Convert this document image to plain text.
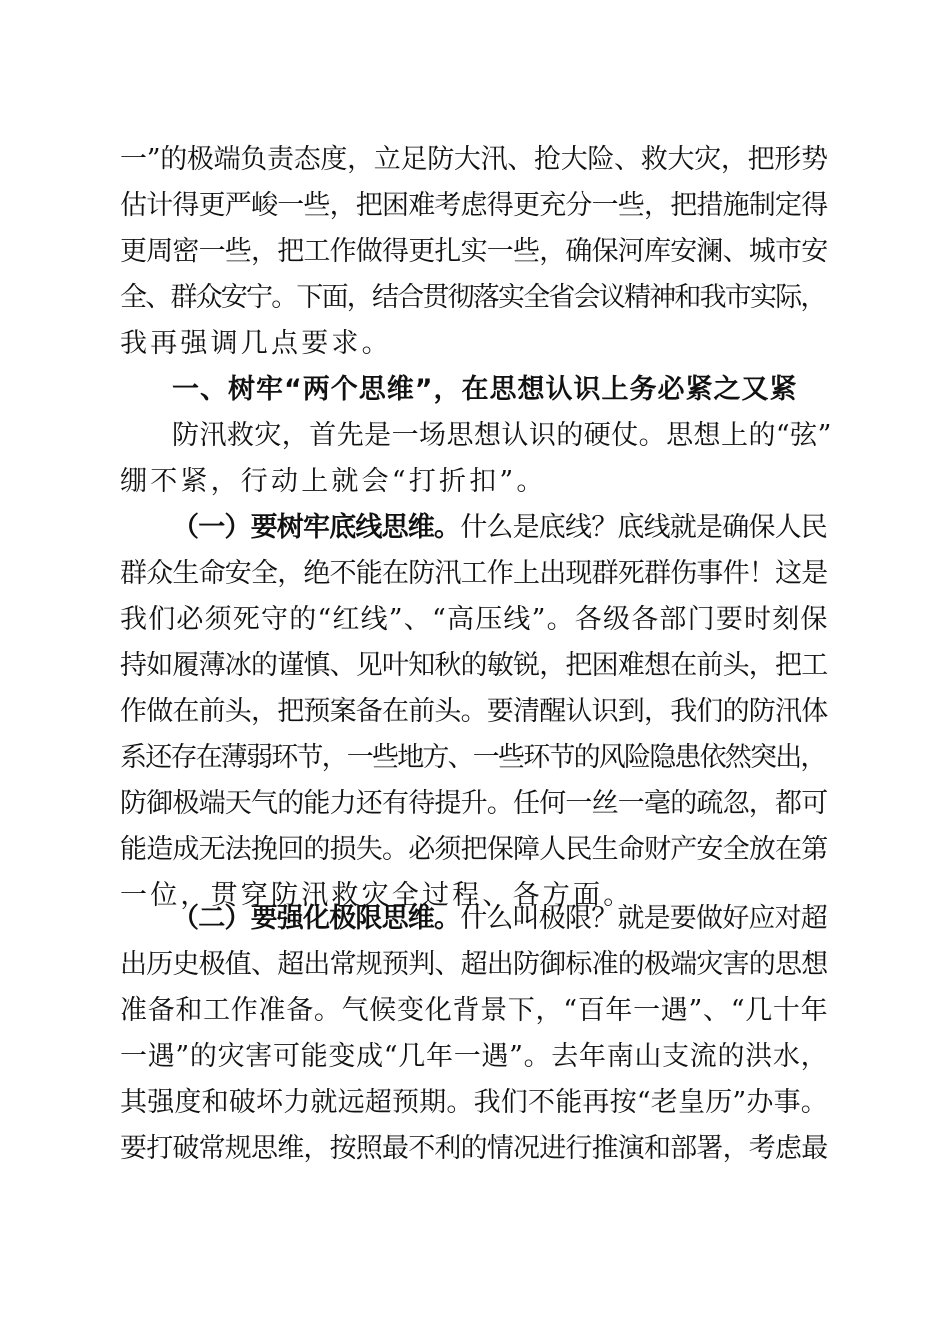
一”的极端负责态度，立足防大汛、抢大险、救大灾，把形势
估计得更严峻一些，把困难考虑得更充分一些，把措施制定得
更周密一些，把工作做得更扎实一些，确保河库安澜、城市安
全、群众安宁。下面，结合贯彻落实全省会议精神和我市实际，
我再强调几点要求。
一、树牢“两个思维”，在思想认识上务必紧之又紧
防汛救灾，首先是一场思想认识的硬仗。思想上的“弦”
绷不紧，行动上就会“打折扣”。
（一）要树牢底线思维。什么是底线？底线就是确保人民
群众生命安全，绝不能在防汛工作上出现群死群伤事件！这是
我们必须死守的“红线”、“高压线”。各级各部门要时刻保
持如履薄冰的谨慎、见叶知秋的敏锐，把困难想在前头，把工
作做在前头，把预案备在前头。要清醒认识到，我们的防汛体
系还存在薄弱环节，一些地方、一些环节的风险隐患依然突出，
防御极端天气的能力还有待提升。任何一丝一毫的疏忽，都可
能造成无法挽回的损失。必须把保障人民生命财产安全放在第
一位，贯穿防汛救灾全过程、各方面。
（二）要强化极限思维。什么叫极限？就是要做好应对超
出历史极值、超出常规预判、超出防御标准的极端灾害的思想
准备和工作准备。气候变化背景下，“百年一遇”、“几十年
一遇”的灾害可能变成“几年一遇”。去年南山支流的洪水，
其强度和破坏力就远超预期。我们不能再按“老皇历”办事。
要打破常规思维，按照最不利的情况进行推演和部署，考虑最
